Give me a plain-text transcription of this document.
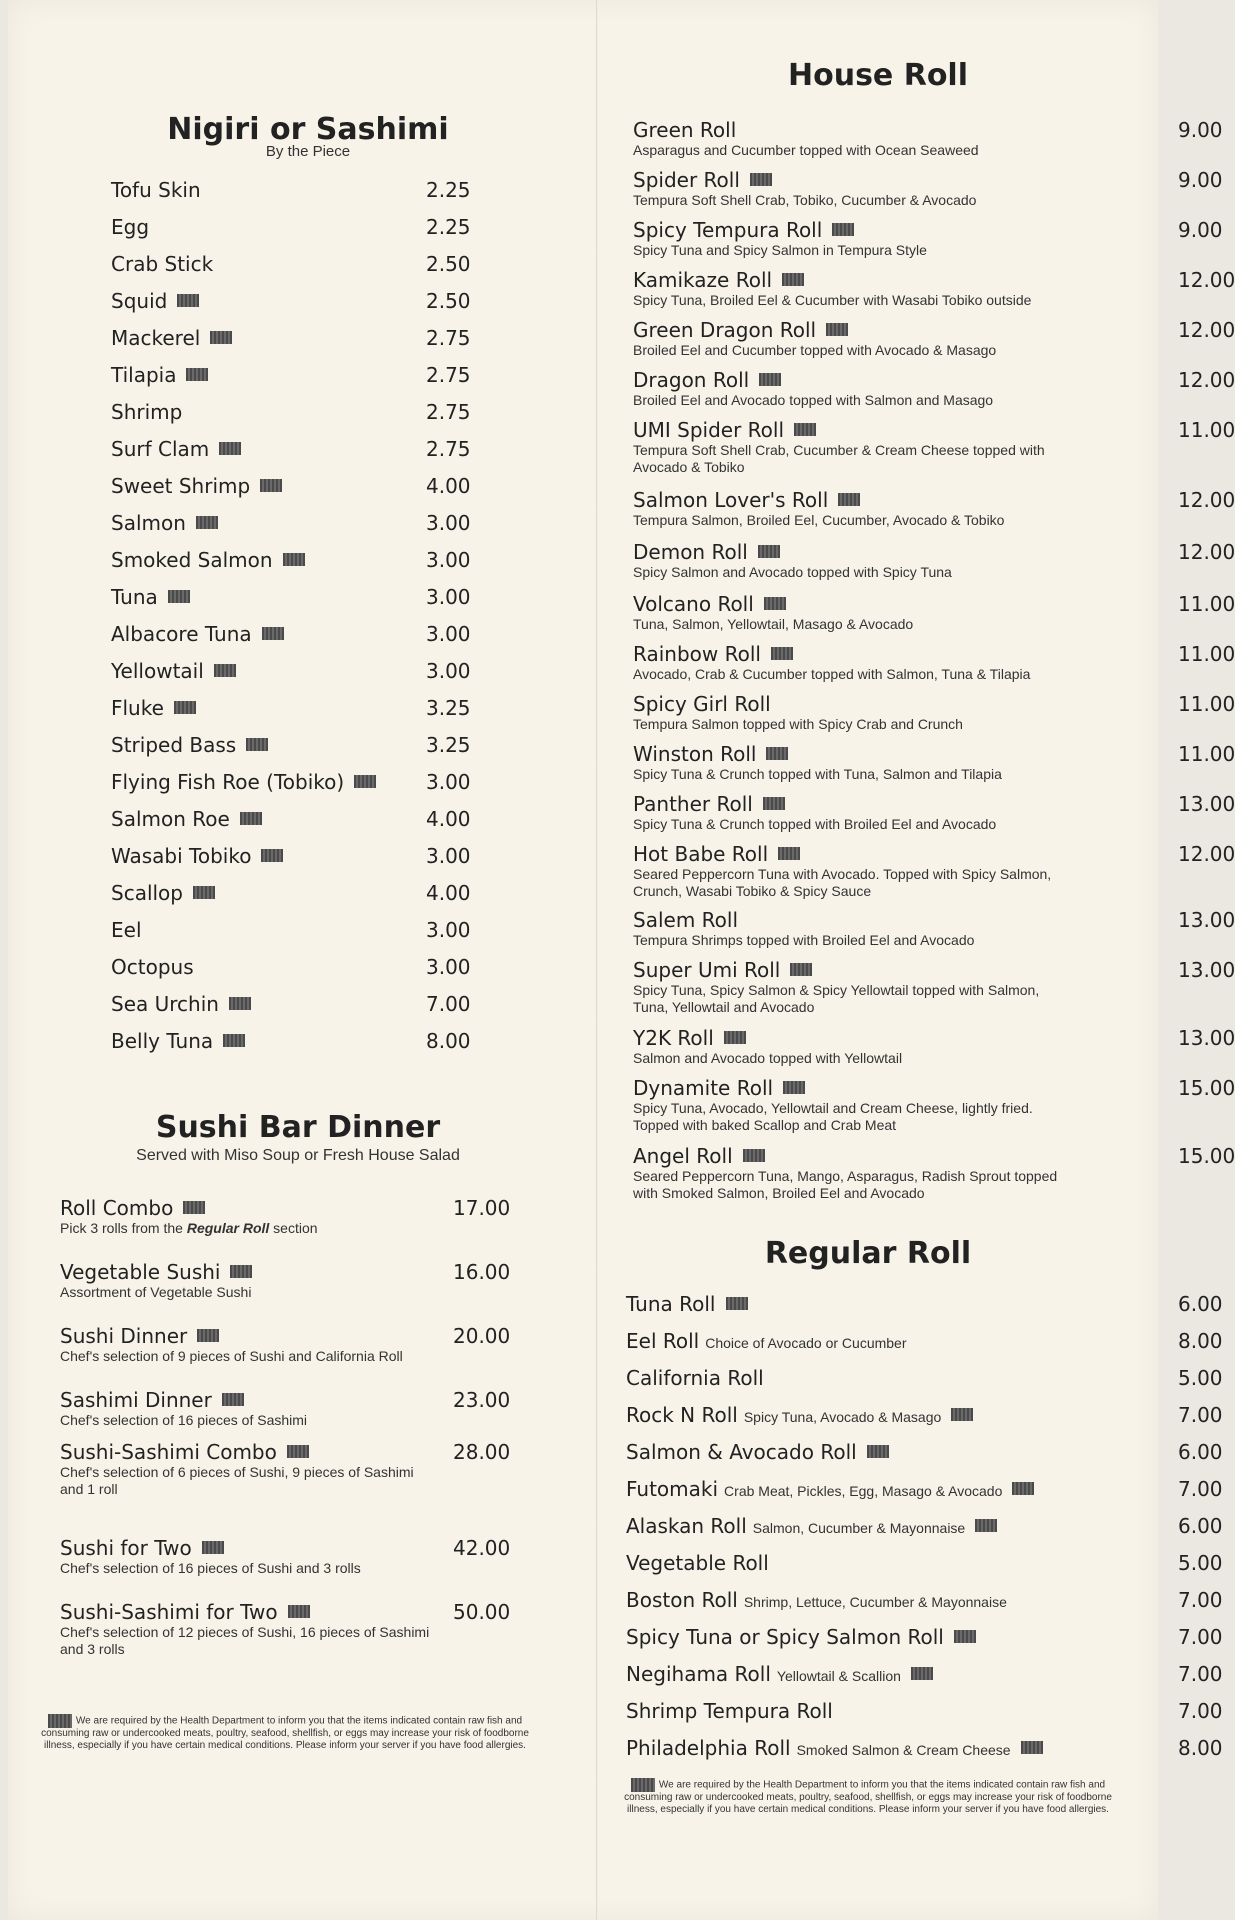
Nigiri or Sashimi
By the Piece
Tofu Skin	2.25
Egg	2.25
Crab Stick	2.50
Squid	2.50
Mackerel	2.75
Tilapia	2.75
Shrimp	2.75
Surf Clam	2.75
Sweet Shrimp	4.00
Salmon	3.00
Smoked Salmon	3.00
Tuna	3.00
Albacore Tuna	3.00
Yellowtail	3.00
Fluke	3.25
Striped Bass	3.25
Flying Fish Roe (Tobiko)	3.00
Salmon Roe	4.00
Wasabi Tobiko	3.00
Scallop	4.00
Eel	3.00
Octopus	3.00
Sea Urchin	7.00
Belly Tuna	8.00
Sushi Bar Dinner
Served with Miso Soup or Fresh House Salad
Roll Combo
Pick 3 rolls from the Regular Roll section
17.00
Vegetable Sushi
Assortment of Vegetable Sushi
16.00
Sushi Dinner
Chef's selection of 9 pieces of Sushi and California Roll
20.00
Sashimi Dinner
Chef's selection of 16 pieces of Sashimi
23.00
Sushi-Sashimi Combo
Chef's selection of 6 pieces of Sushi, 9 pieces of Sashimi and 1 roll
28.00
Sushi for Two
Chef's selection of 16 pieces of Sushi and 3 rolls
42.00
Sushi-Sashimi for Two
Chef's selection of 12 pieces of Sushi, 16 pieces of Sashimi and 3 rolls
50.00
We are required by the Health Department to inform you that the items indicated contain raw fish and consuming raw or undercooked meats, poultry, seafood, shellfish, or eggs may increase your risk of foodborne illness, especially if you have certain medical conditions. Please inform your server if you have food allergies.
House Roll
Green Roll
Asparagus and Cucumber topped with Ocean Seaweed
9.00
Spider Roll
Tempura Soft Shell Crab, Tobiko, Cucumber & Avocado
9.00
Spicy Tempura Roll
Spicy Tuna and Spicy Salmon in Tempura Style
9.00
Kamikaze Roll
Spicy Tuna, Broiled Eel & Cucumber with Wasabi Tobiko outside
12.00
Green Dragon Roll
Broiled Eel and Cucumber topped with Avocado & Masago
12.00
Dragon Roll
Broiled Eel and Avocado topped with Salmon and Masago
12.00
UMI Spider Roll
Tempura Soft Shell Crab, Cucumber & Cream Cheese topped with Avocado & Tobiko
11.00
Salmon Lover's Roll
Tempura Salmon, Broiled Eel, Cucumber, Avocado & Tobiko
12.00
Demon Roll
Spicy Salmon and Avocado topped with Spicy Tuna
12.00
Volcano Roll
Tuna, Salmon, Yellowtail, Masago & Avocado
11.00
Rainbow Roll
Avocado, Crab & Cucumber topped with Salmon, Tuna & Tilapia
11.00
Spicy Girl Roll
Tempura Salmon topped with Spicy Crab and Crunch
11.00
Winston Roll
Spicy Tuna & Crunch topped with Tuna, Salmon and Tilapia
11.00
Panther Roll
Spicy Tuna & Crunch topped with Broiled Eel and Avocado
13.00
Hot Babe Roll
Seared Peppercorn Tuna with Avocado. Topped with Spicy Salmon, Crunch, Wasabi Tobiko & Spicy Sauce
12.00
Salem Roll
Tempura Shrimps topped with Broiled Eel and Avocado
13.00
Super Umi Roll
Spicy Tuna, Spicy Salmon & Spicy Yellowtail topped with Salmon, Tuna, Yellowtail and Avocado
13.00
Y2K Roll
Salmon and Avocado topped with Yellowtail
13.00
Dynamite Roll
Spicy Tuna, Avocado, Yellowtail and Cream Cheese, lightly fried. Topped with baked Scallop and Crab Meat
15.00
Angel Roll
Seared Peppercorn Tuna, Mango, Asparagus, Radish Sprout topped with Smoked Salmon, Broiled Eel and Avocado
15.00
Regular Roll
Tuna Roll	6.00
Eel Roll Choice of Avocado or Cucumber	8.00
California Roll	5.00
Rock N Roll Spicy Tuna, Avocado & Masago	7.00
Salmon & Avocado Roll	6.00
Futomaki Crab Meat, Pickles, Egg, Masago & Avocado	7.00
Alaskan Roll Salmon, Cucumber & Mayonnaise	6.00
Vegetable Roll	5.00
Boston Roll Shrimp, Lettuce, Cucumber & Mayonnaise	7.00
Spicy Tuna or Spicy Salmon Roll	7.00
Negihama Roll Yellowtail & Scallion	7.00
Shrimp Tempura Roll	7.00
Philadelphia Roll Smoked Salmon & Cream Cheese	8.00
We are required by the Health Department to inform you that the items indicated contain raw fish and consuming raw or undercooked meats, poultry, seafood, shellfish, or eggs may increase your risk of foodborne illness, especially if you have certain medical conditions. Please inform your server if you have food allergies.
